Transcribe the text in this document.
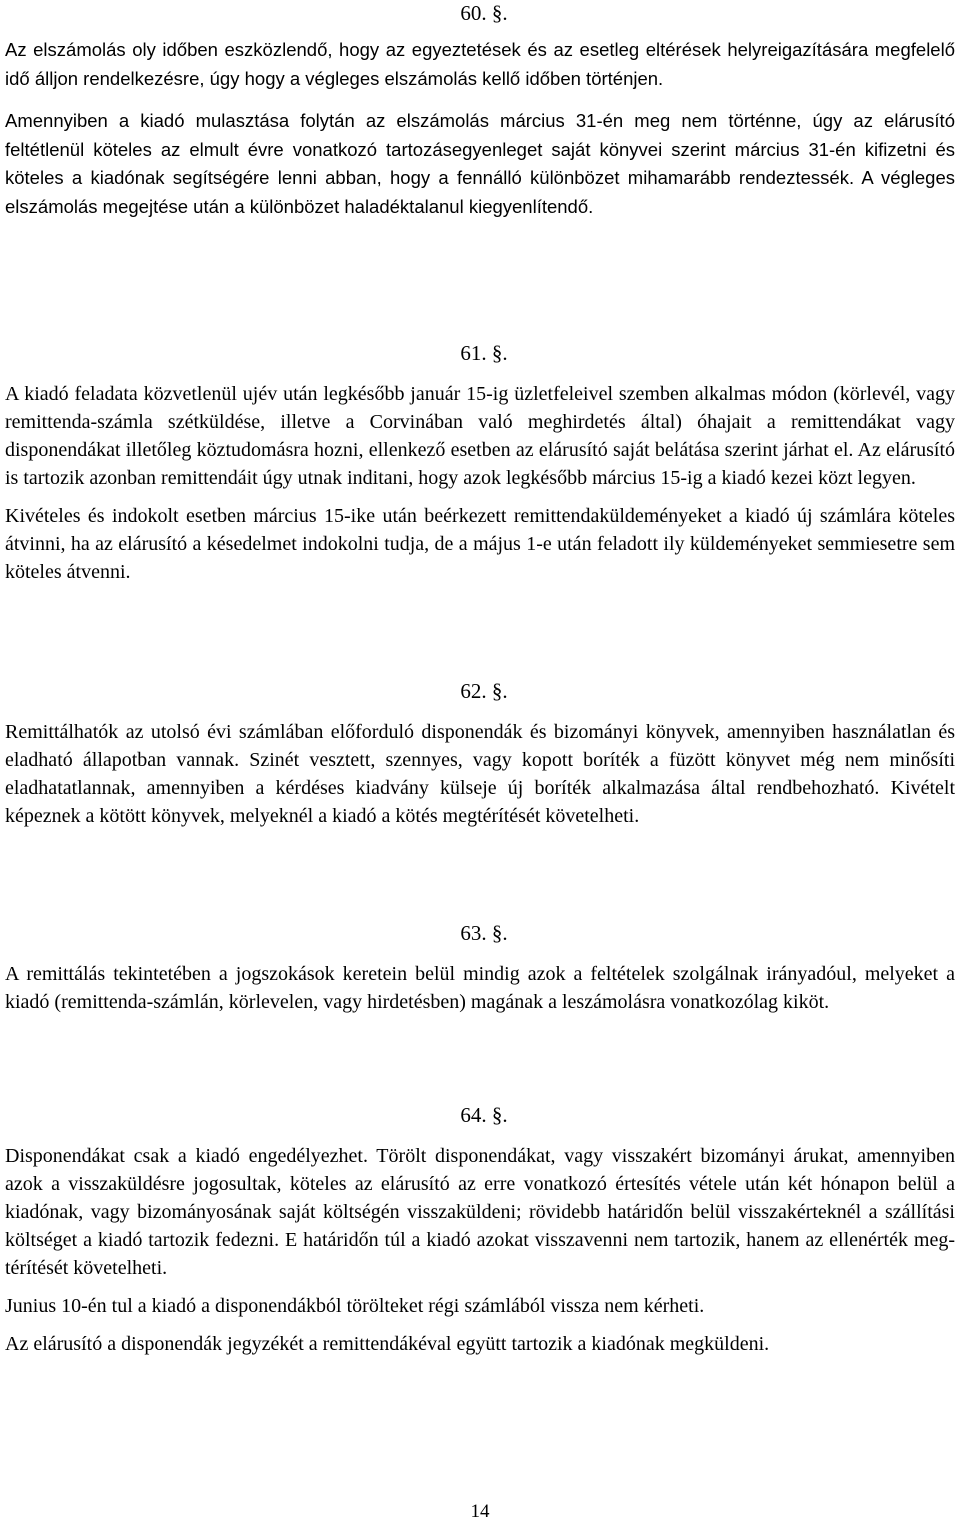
60. §.

Az elszámolás oly időben eszközlendő, hogy az egyeztetések és az esetleg eltérések helyreigazítására megfelelő idő álljon rendelkezésre, úgy hogy a végleges elszámolás kellő időben történjen.

Amennyiben a kiadó mulasztása folytán az elszámolás március 31-én meg nem történne, úgy az elárusító feltétlenül köteles az elmult évre vonatkozó tartozásegyenleget saját könyvei szerint március 31-én kifizetni és köteles a kiadónak segítségére lenni abban, hogy a fennálló különbözet mihamarább rendeztessék. A végleges elszámolás megejtése után a különbözet haladéktalanul kiegyenlítendő.

61. §.

A kiadó feladata közvetlenül ujév után legkésőbb január 15-ig üzletfeleivel szemben alkalmas módon (körlevél, vagy remittenda-számla szétküldése, illetve a Corvinában való meghirdetés által) óhajait a remittendákat vagy disponendákat illetőleg köztudomásra hozni, ellenkező esetben az elárusító saját belátása szerint járhat el. Az elárusító is tartozik azonban remittendáit úgy utnak inditani, hogy azok legkésőbb március 15-ig a kiadó kezei közt legyen.

Kivételes és indokolt esetben március 15-ike után beérkezett remittendaküldeményeket a kiadó új számlára köteles átvinni, ha az elárusító a késedelmet indokolni tudja, de a május 1-e után feladott ily küldeményeket semmiesetre sem köteles átvenni.

62. §.

Remittálhatók az utolsó évi számlában előforduló disponendák és bizományi könyvek, amennyiben használatlan és eladható állapotban vannak. Szinét vesztett, szennyes, vagy kopott boríték a füzött könyvet még nem minősíti eladhatatlannak, amennyiben a kérdéses kiadvány külseje új boríték alkalmazása által rendbehozható. Kivételt képeznek a kötött könyvek, melyeknél a kiadó a kötés megtérítését követelheti.

63. §.

A remittálás tekintetében a jogszokások keretein belül mindig azok a feltételek szolgálnak irányadóul, melyeket a kiadó (remittenda-számlán, körlevelen, vagy hirdetésben) magának a leszámolásra vonatkozólag kiköt.

64. §.

Disponendákat csak a kiadó engedélyezhet. Törölt disponendákat, vagy visszakért bizományi árukat, amennyiben azok a visszaküldésre jogosultak, köteles az elárusító az erre vonatkozó értesítés vétele után két hónapon belül a kiadónak, vagy bizományosának saját költségén visszaküldeni; rövidebb határidőn belül visszakérteknél a szállítási költséget a kiadó tartozik fedezni. E határidőn túl a kiadó azokat visszavenni nem tartozik, hanem az ellenérték megtérítését követelheti.

Junius 10-én tul a kiadó a disponendákból törölteket régi számlából vissza nem kérheti.

Az elárusító a disponendák jegyzékét a remittendákéval együtt tartozik a kiadónak megküldeni.

14
